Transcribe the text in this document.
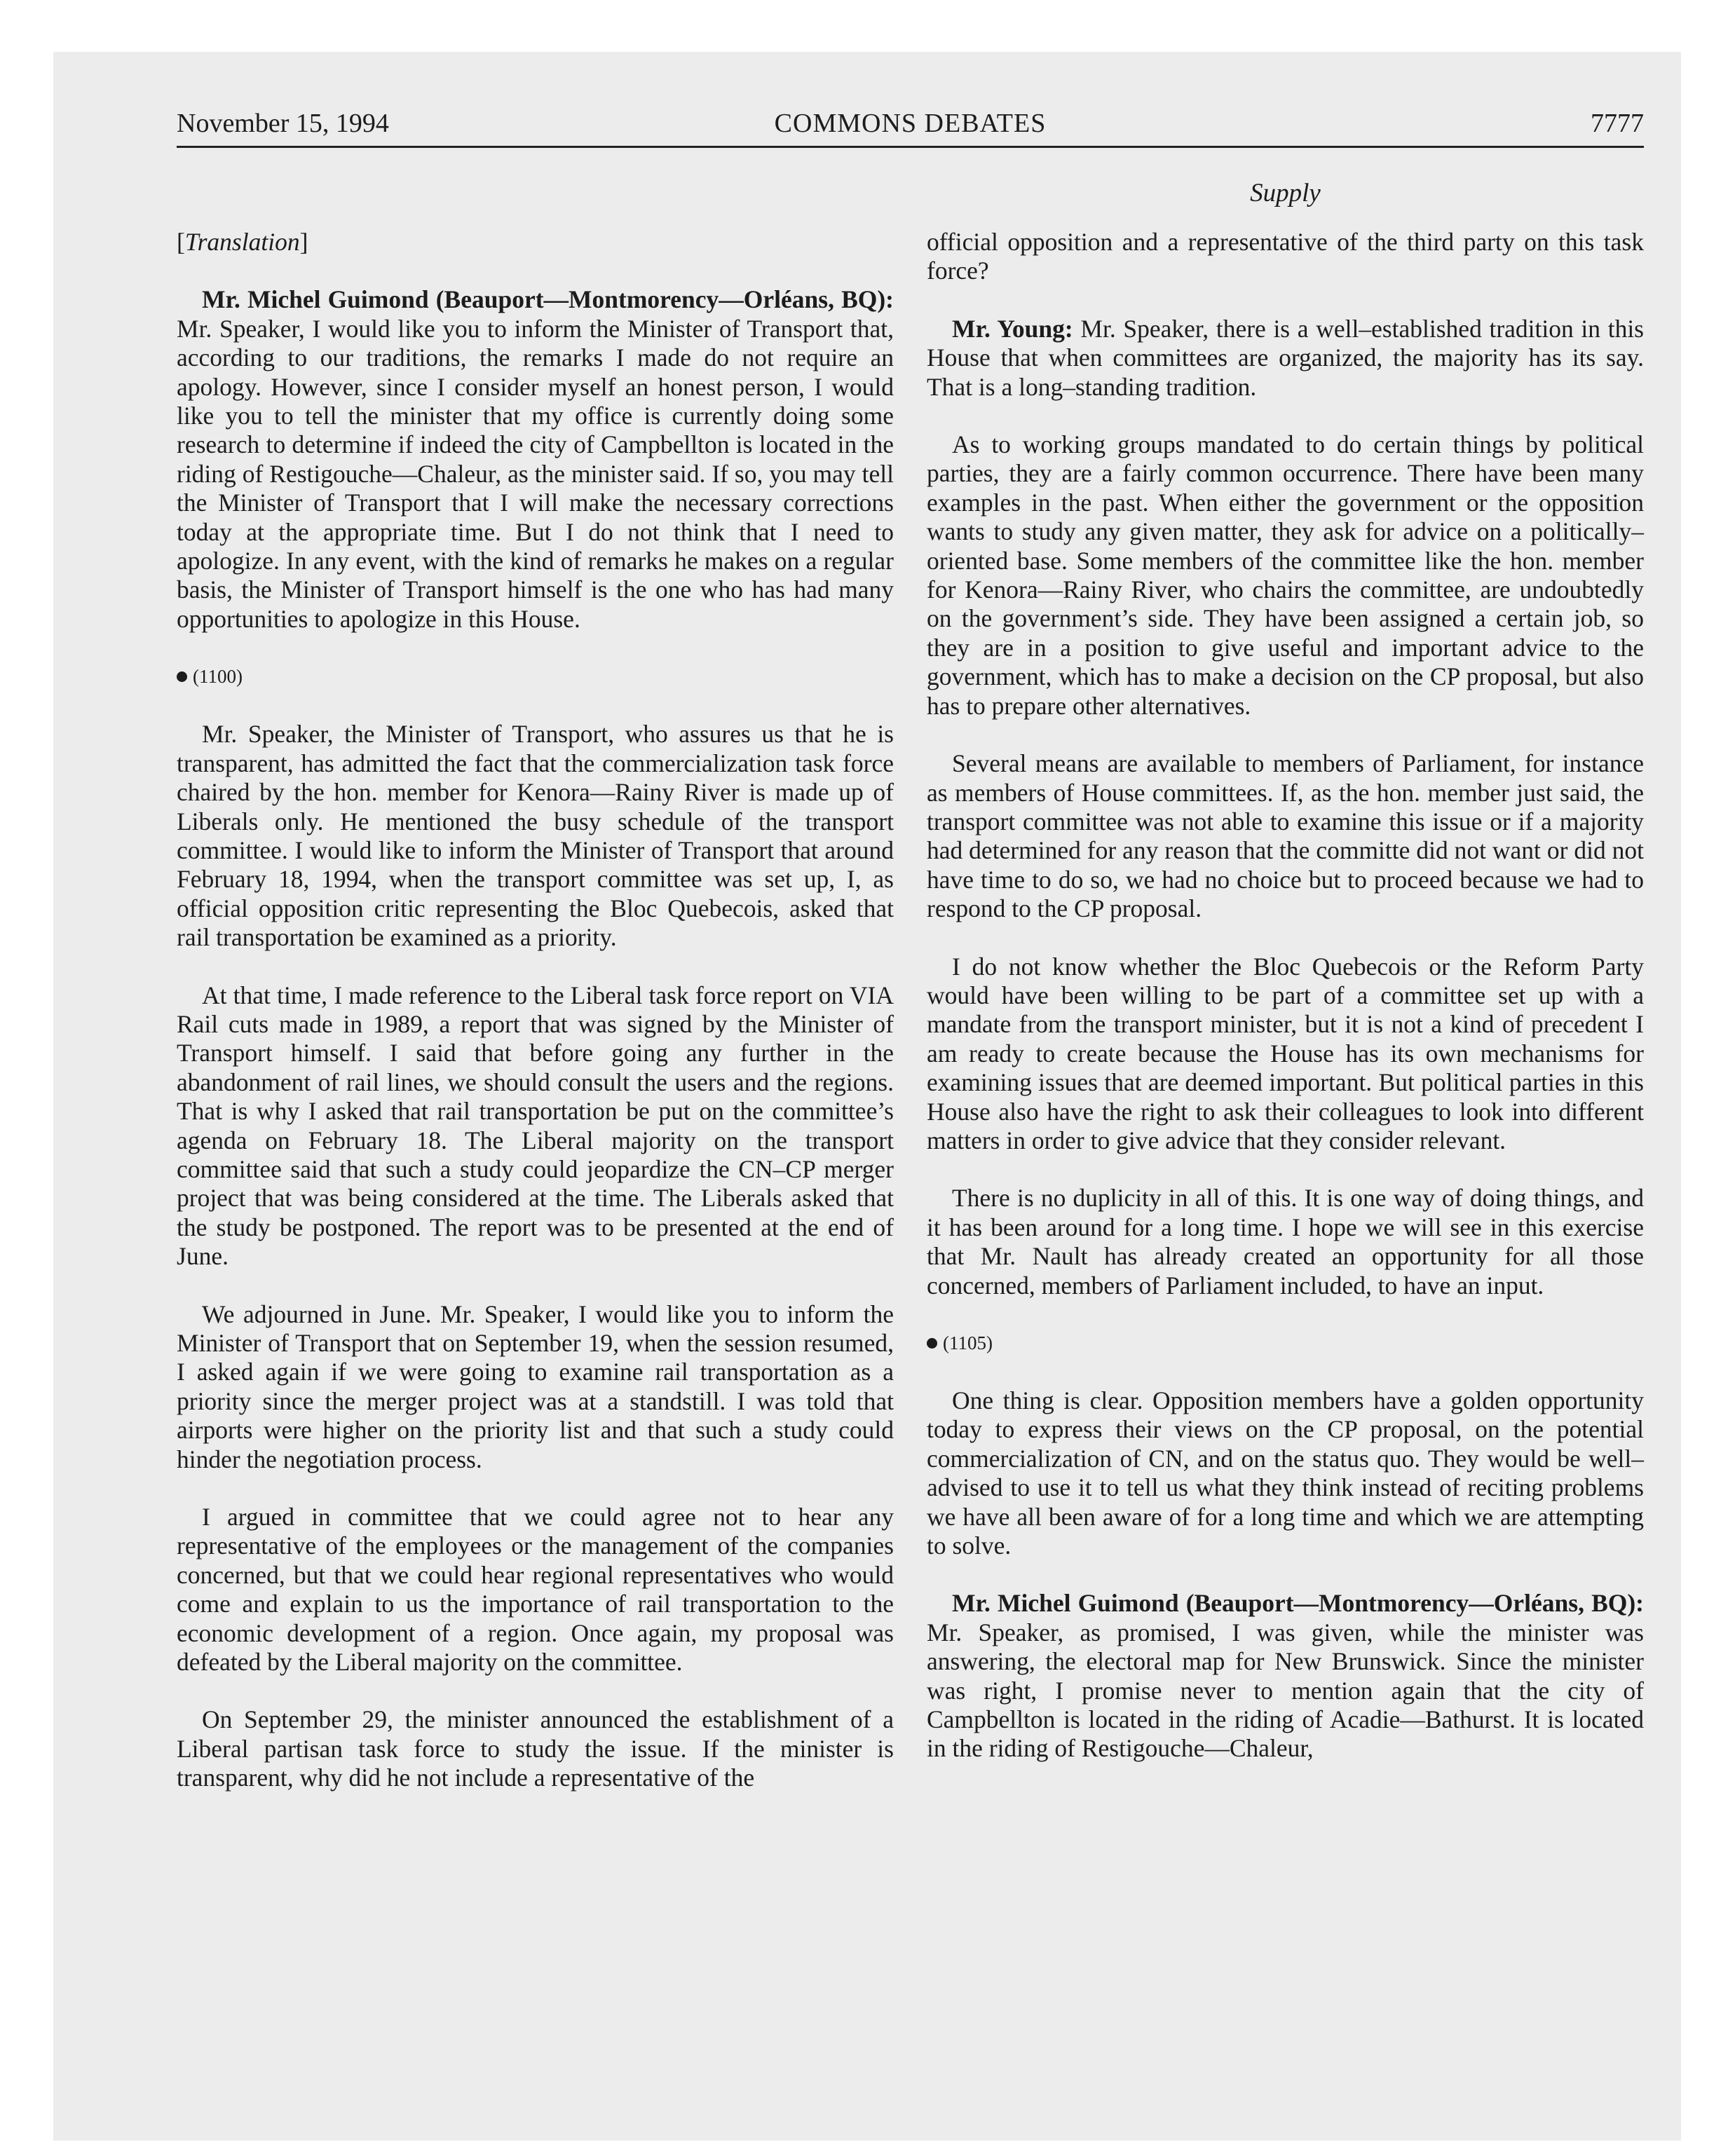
November 15, 1994	COMMONS DEBATES	7777
Supply
[Translation]

Mr. Michel Guimond (Beauport—Montmorency—Orléans, BQ): Mr. Speaker, I would like you to inform the Minister of Transport that, according to our traditions, the remarks I made do not require an apology. However, since I consider myself an honest person, I would like you to tell the minister that my office is currently doing some research to determine if indeed the city of Campbellton is located in the riding of Restigouche—Chaleur, as the minister said. If so, you may tell the Minister of Transport that I will make the necessary corrections today at the appropriate time. But I do not think that I need to apologize. In any event, with the kind of remarks he makes on a regular basis, the Minister of Transport himself is the one who has had many opportunities to apologize in this House.

(1100)

Mr. Speaker, the Minister of Transport, who assures us that he is transparent, has admitted the fact that the commercialization task force chaired by the hon. member for Kenora—Rainy River is made up of Liberals only. He mentioned the busy schedule of the transport committee. I would like to inform the Minister of Transport that around February 18, 1994, when the transport committee was set up, I, as official opposition critic representing the Bloc Quebecois, asked that rail transportation be examined as a priority.

At that time, I made reference to the Liberal task force report on VIA Rail cuts made in 1989, a report that was signed by the Minister of Transport himself. I said that before going any further in the abandonment of rail lines, we should consult the users and the regions. That is why I asked that rail transportation be put on the committee’s agenda on February 18. The Liberal majority on the transport committee said that such a study could jeopardize the CN–CP merger project that was being considered at the time. The Liberals asked that the study be postponed. The report was to be presented at the end of June.

We adjourned in June. Mr. Speaker, I would like you to inform the Minister of Transport that on September 19, when the session resumed, I asked again if we were going to examine rail transportation as a priority since the merger project was at a standstill. I was told that airports were higher on the priority list and that such a study could hinder the negotiation process.

I argued in committee that we could agree not to hear any representative of the employees or the management of the companies concerned, but that we could hear regional representatives who would come and explain to us the importance of rail transportation to the economic development of a region. Once again, my proposal was defeated by the Liberal majority on the committee.

On September 29, the minister announced the establishment of a Liberal partisan task force to study the issue. If the minister is transparent, why did he not include a representative of the

official opposition and a representative of the third party on this task force?

Mr. Young: Mr. Speaker, there is a well–established tradition in this House that when committees are organized, the majority has its say. That is a long–standing tradition.

As to working groups mandated to do certain things by political parties, they are a fairly common occurrence. There have been many examples in the past. When either the government or the opposition wants to study any given matter, they ask for advice on a politically–oriented base. Some members of the committee like the hon. member for Kenora—Rainy River, who chairs the committee, are undoubtedly on the government’s side. They have been assigned a certain job, so they are in a position to give useful and important advice to the government, which has to make a decision on the CP proposal, but also has to prepare other alternatives.

Several means are available to members of Parliament, for instance as members of House committees. If, as the hon. member just said, the transport committee was not able to examine this issue or if a majority had determined for any reason that the committe did not want or did not have time to do so, we had no choice but to proceed because we had to respond to the CP proposal.

I do not know whether the Bloc Quebecois or the Reform Party would have been willing to be part of a committee set up with a mandate from the transport minister, but it is not a kind of precedent I am ready to create because the House has its own mechanisms for examining issues that are deemed important. But political parties in this House also have the right to ask their colleagues to look into different matters in order to give advice that they consider relevant.

There is no duplicity in all of this. It is one way of doing things, and it has been around for a long time. I hope we will see in this exercise that Mr. Nault has already created an opportunity for all those concerned, members of Parliament included, to have an input.

(1105)

One thing is clear. Opposition members have a golden opportunity today to express their views on the CP proposal, on the potential commercialization of CN, and on the status quo. They would be well–advised to use it to tell us what they think instead of reciting problems we have all been aware of for a long time and which we are attempting to solve.

Mr. Michel Guimond (Beauport—Montmorency—Orléans, BQ): Mr. Speaker, as promised, I was given, while the minister was answering, the electoral map for New Brunswick. Since the minister was right, I promise never to mention again that the city of Campbellton is located in the riding of Acadie—Bathurst. It is located in the riding of Restigouche—Chaleur,
